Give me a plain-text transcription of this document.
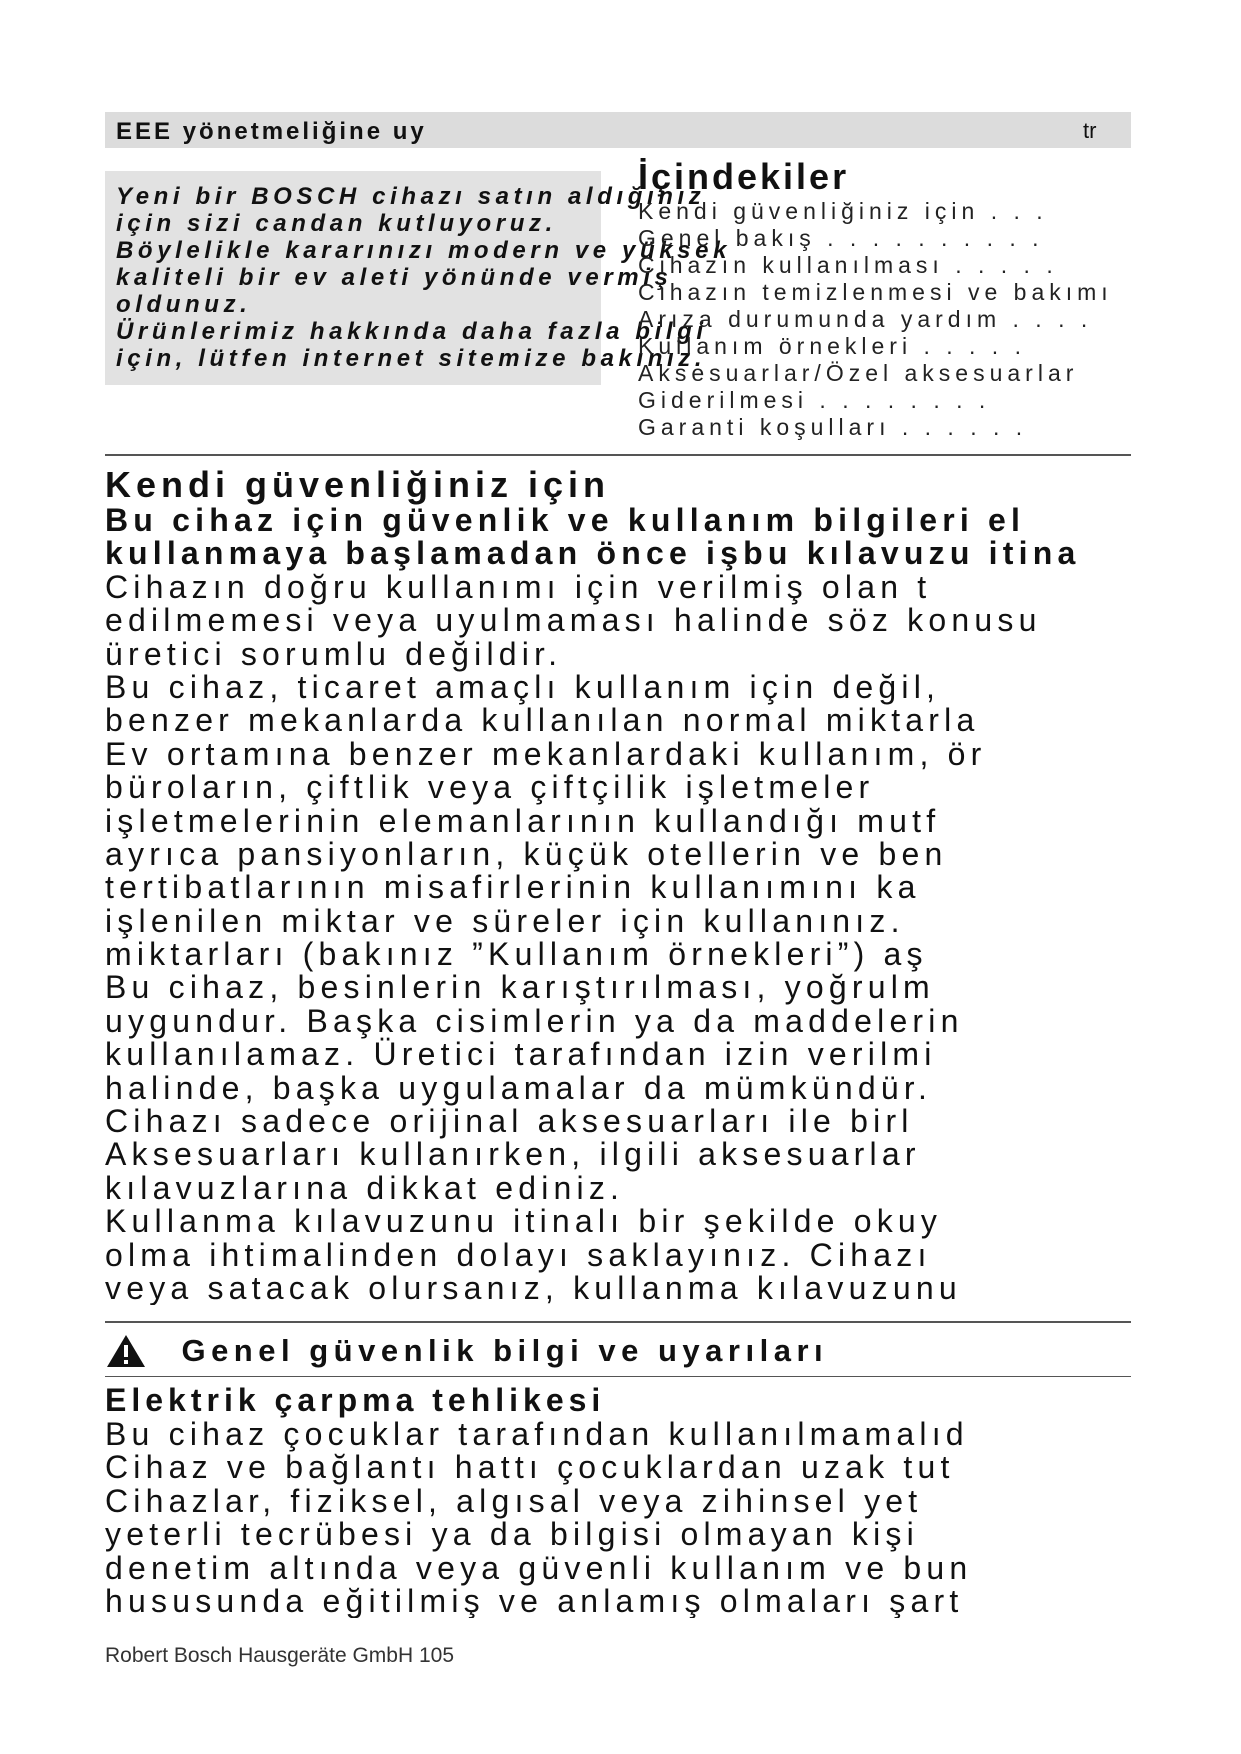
EEE yönetmeliğine uy	tr
Yeni bir BOSCH cihazı satın aldığınız
için sizi candan kutluyoruz.
Böylelikle kararınızı modern ve yüksek
kaliteli bir ev aleti yönünde vermiş
oldunuz.
Ürünlerimiz hakkında daha fazla bilgi
için, lütfen internet sitemize bakınız.
İçindekiler
Kendi güvenliğiniz için . . .
Genel bakış . . . . . . . . . .
Cihazın kullanılması . . . . .
Cihazın temizlenmesi ve bakımı
Arıza durumunda yardım . . . .
Kullanım örnekleri . . . . .
Aksesuarlar/Özel aksesuarlar
Giderilmesi . . . . . . . .
Garanti koşulları . . . . . .
Kendi güvenliğiniz için
Bu cihaz için güvenlik ve kullanım bilgileri el
kullanmaya başlamadan önce işbu kılavuzu itina
Cihazın doğru kullanımı için verilmiş olan t
edilmemesi veya uyulmaması halinde söz konusu
üretici sorumlu değildir.
Bu cihaz, ticaret amaçlı kullanım için değil,
benzer mekanlarda kullanılan normal miktarla
Ev ortamına benzer mekanlardaki kullanım, ör
büroların, çiftlik veya çiftçilik işletmeler
işletmelerinin elemanlarının kullandığı mutf
ayrıca pansiyonların, küçük otellerin ve ben
tertibatlarının misafirlerinin kullanımını ka
işlenilen miktar ve süreler için kullanınız.
miktarları (bakınız ”Kullanım örnekleri”) aş
Bu cihaz, besinlerin karıştırılması, yoğrulm
uygundur. Başka cisimlerin ya da maddelerin
kullanılamaz. Üretici tarafından izin verilmi
halinde, başka uygulamalar da mümkündür.
Cihazı sadece orijinal aksesuarları ile birl
Aksesuarları kullanırken, ilgili aksesuarlar
kılavuzlarına dikkat ediniz.
Kullanma kılavuzunu itinalı bir şekilde okuy
olma ihtimalinden dolayı saklayınız. Cihazı
veya satacak olursanız, kullanma kılavuzunu
Genel güvenlik bilgi ve uyarıları
Elektrik çarpma tehlikesi
Bu cihaz çocuklar tarafından kullanılmamalıd
Cihaz ve bağlantı hattı çocuklardan uzak tut
Cihazlar, fiziksel, algısal veya zihinsel yet
yeterli tecrübesi ya da bilgisi olmayan kişi
denetim altında veya güvenli kullanım ve bun
hususunda eğitilmiş ve anlamış olmaları şart
Robert Bosch Hausgeräte GmbH 105
